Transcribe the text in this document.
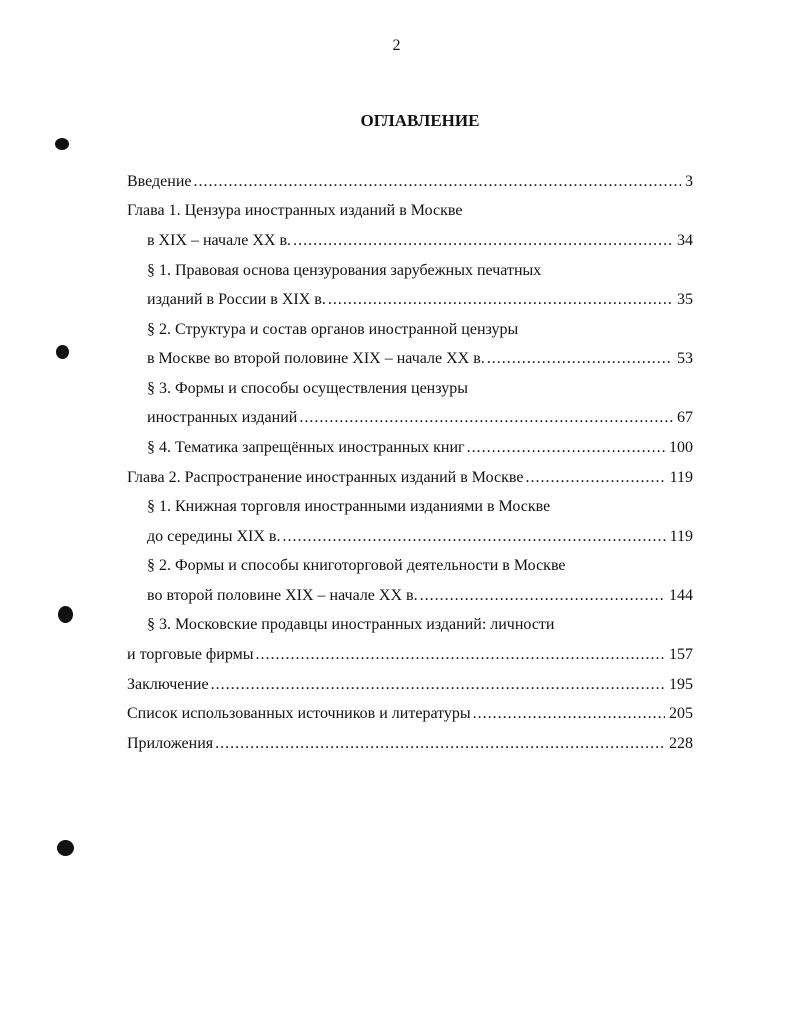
2
ОГЛАВЛЕНИЕ
Введение .....	3
Глава 1. Цензура иностранных изданий в Москве
в XIX – начале XX в. .....	34
§ 1. Правовая основа цензурования зарубежных печатных
изданий в России в XIX в. .....	35
§ 2. Структура и состав органов иностранной цензуры
в Москве во второй половине XIX – начале XX в. .....	53
§ 3. Формы и способы осуществления цензуры
иностранных изданий .....	67
§ 4. Тематика запрещённых иностранных книг .....	100
Глава 2. Распространение иностранных изданий в Москве .....	119
§ 1. Книжная торговля иностранными изданиями в Москве
до середины XIX в. .....	119
§ 2. Формы и способы книготорговой деятельности в Москве
во второй половине XIX – начале XX в. .....	144
§ 3. Московские продавцы иностранных изданий: личности
и торговые фирмы .....	157
Заключение .....	195
Список использованных источников и литературы .....	205
Приложения .....	228
